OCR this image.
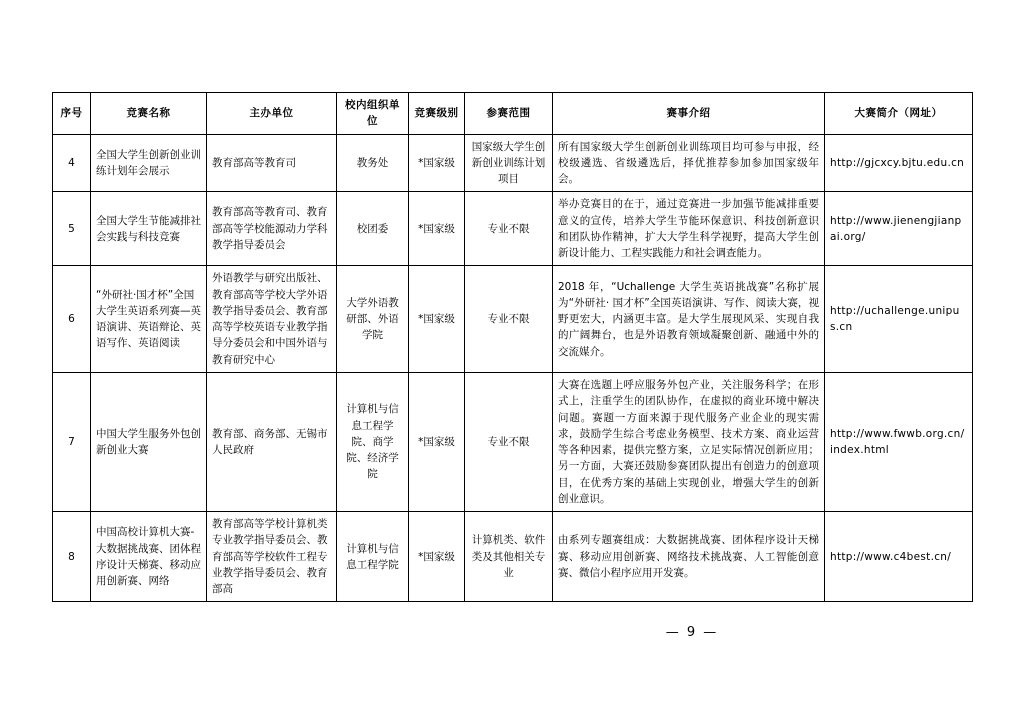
序号	竞赛名称	主办单位	校内组织单位	竞赛级别	参赛范围	赛事介绍	大赛简介（网址）
4	全国大学生创新创业训练计划年会展示	教育部高等教育司	教务处	*国家级	国家级大学生创新创业训练计划项目	所有国家级大学生创新创业训练项目均可参与申报，经校级遴选、省级遴选后，择优推荐参加参加国家级年会。	http://gjcxcy.bjtu.edu.cn
5	全国大学生节能减排社会实践与科技竞赛	教育部高等教育司、教育部高等学校能源动力学科教学指导委员会	校团委	*国家级	专业不限	举办竞赛目的在于，通过竞赛进一步加强节能减排重要意义的宣传，培养大学生节能环保意识、科技创新意识和团队协作精神，扩大大学生科学视野，提高大学生创新设计能力、工程实践能力和社会调查能力。	http://www.jienengjianpai.org/
6	“外研社·国才杯”全国大学生英语系列赛—英语演讲、英语辩论、英语写作、英语阅读	外语教学与研究出版社、教育部高等学校大学外语教学指导委员会、教育部高等学校英语专业教学指导分委员会和中国外语与教育研究中心	大学外语教研部、外语学院	*国家级	专业不限	2018 年，“Uchallenge 大学生英语挑战赛”名称扩展为“外研社· 国才杯”全国英语演讲、写作、阅读大赛，视野更宏大，内涵更丰富。是大学生展现风采、实现自我的广阔舞台，也是外语教育领域凝聚创新、融通中外的交流媒介。	http://uchallenge.unipus.cn
7	中国大学生服务外包创新创业大赛	教育部、商务部、无锡市人民政府	计算机与信息工程学院、商学院、经济学院	*国家级	专业不限	大赛在选题上呼应服务外包产业，关注服务科学；在形式上，注重学生的团队协作，在虚拟的商业环境中解决问题。赛题一方面来源于现代服务产业企业的现实需求，鼓励学生综合考虑业务模型、技术方案、商业运营等各种因素，提供完整方案，立足实际情况创新应用；另一方面，大赛还鼓励参赛团队提出有创造力的创意项目，在优秀方案的基础上实现创业，增强大学生的创新创业意识。	http://www.fwwb.org.cn/index.html
8	中国高校计算机大赛-大数据挑战赛、团体程序设计天梯赛、移动应用创新赛、网络	教育部高等学校计算机类专业教学指导委员会、教育部高等学校软件工程专业教学指导委员会、教育部高	计算机与信息工程学院	*国家级	计算机类、软件类及其他相关专业	由系列专题赛组成：大数据挑战赛、团体程序设计天梯赛、移动应用创新赛、网络技术挑战赛、人工智能创意赛、微信小程序应用开发赛。	http://www.c4best.cn/
— 9 —
